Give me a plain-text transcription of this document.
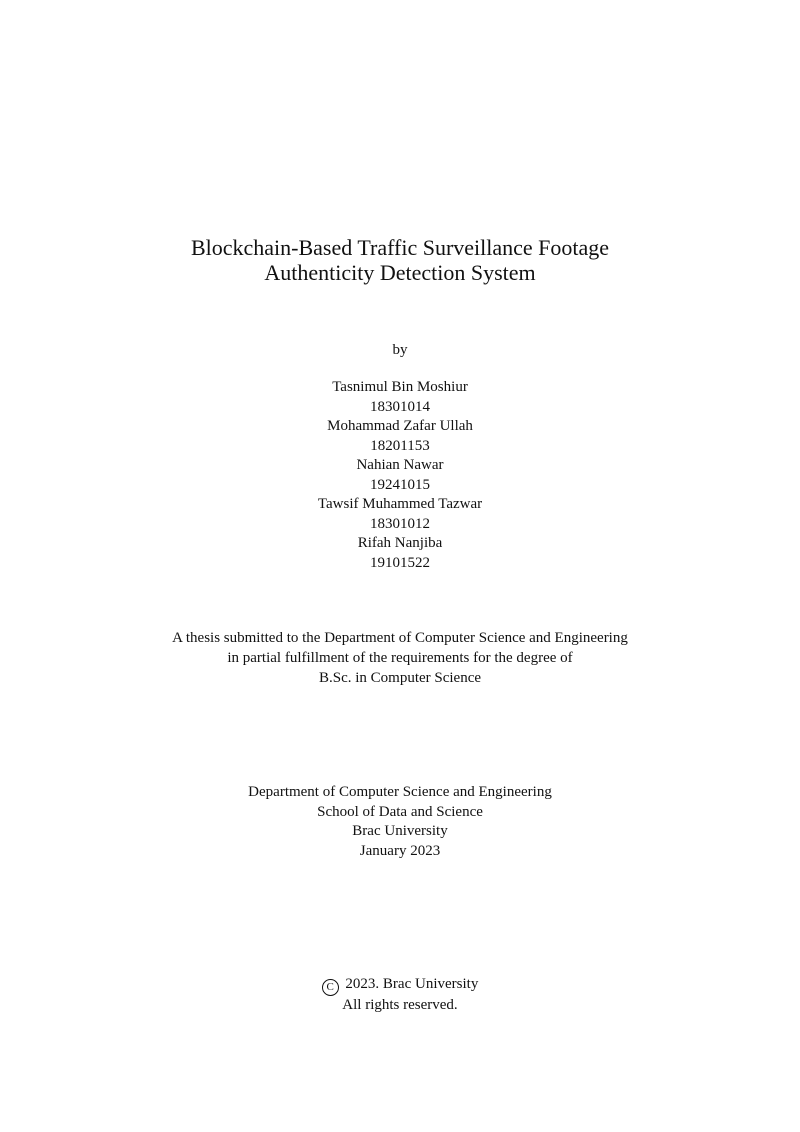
Blockchain-Based Traffic Surveillance Footage
Authenticity Detection System
by
Tasnimul Bin Moshiur
18301014
Mohammad Zafar Ullah
18201153
Nahian Nawar
19241015
Tawsif Muhammed Tazwar
18301012
Rifah Nanjiba
19101522
A thesis submitted to the Department of Computer Science and Engineering
in partial fulfillment of the requirements for the degree of
B.Sc. in Computer Science
Department of Computer Science and Engineering
School of Data and Science
Brac University
January 2023
C 2023. Brac University
All rights reserved.
